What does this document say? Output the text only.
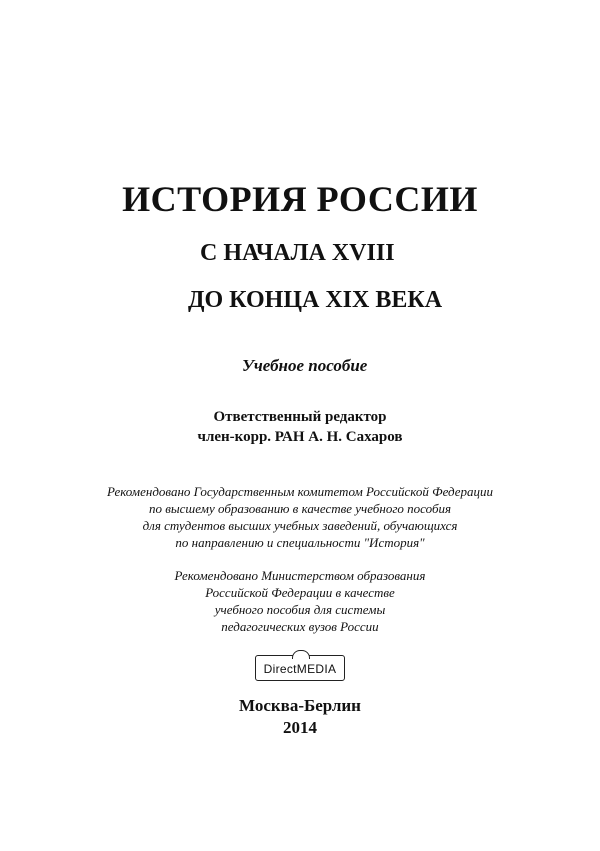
ИСТОРИЯ РОССИИ
С НАЧАЛА XVIII
ДО КОНЦА XIX ВЕКА
Учебное пособие
Ответственный редактор
член-корр. РАН А. Н. Сахаров
Рекомендовано Государственным комитетом Российской Федерации
по высшему образованию в качестве учебного пособия
для студентов высших учебных заведений, обучающихся
по направлению и специальности "История"
Рекомендовано Министерством образования
Российской Федерации в качестве
учебного пособия для системы
педагогических вузов России
DirectMEDIA
Москва-Берлин
2014
